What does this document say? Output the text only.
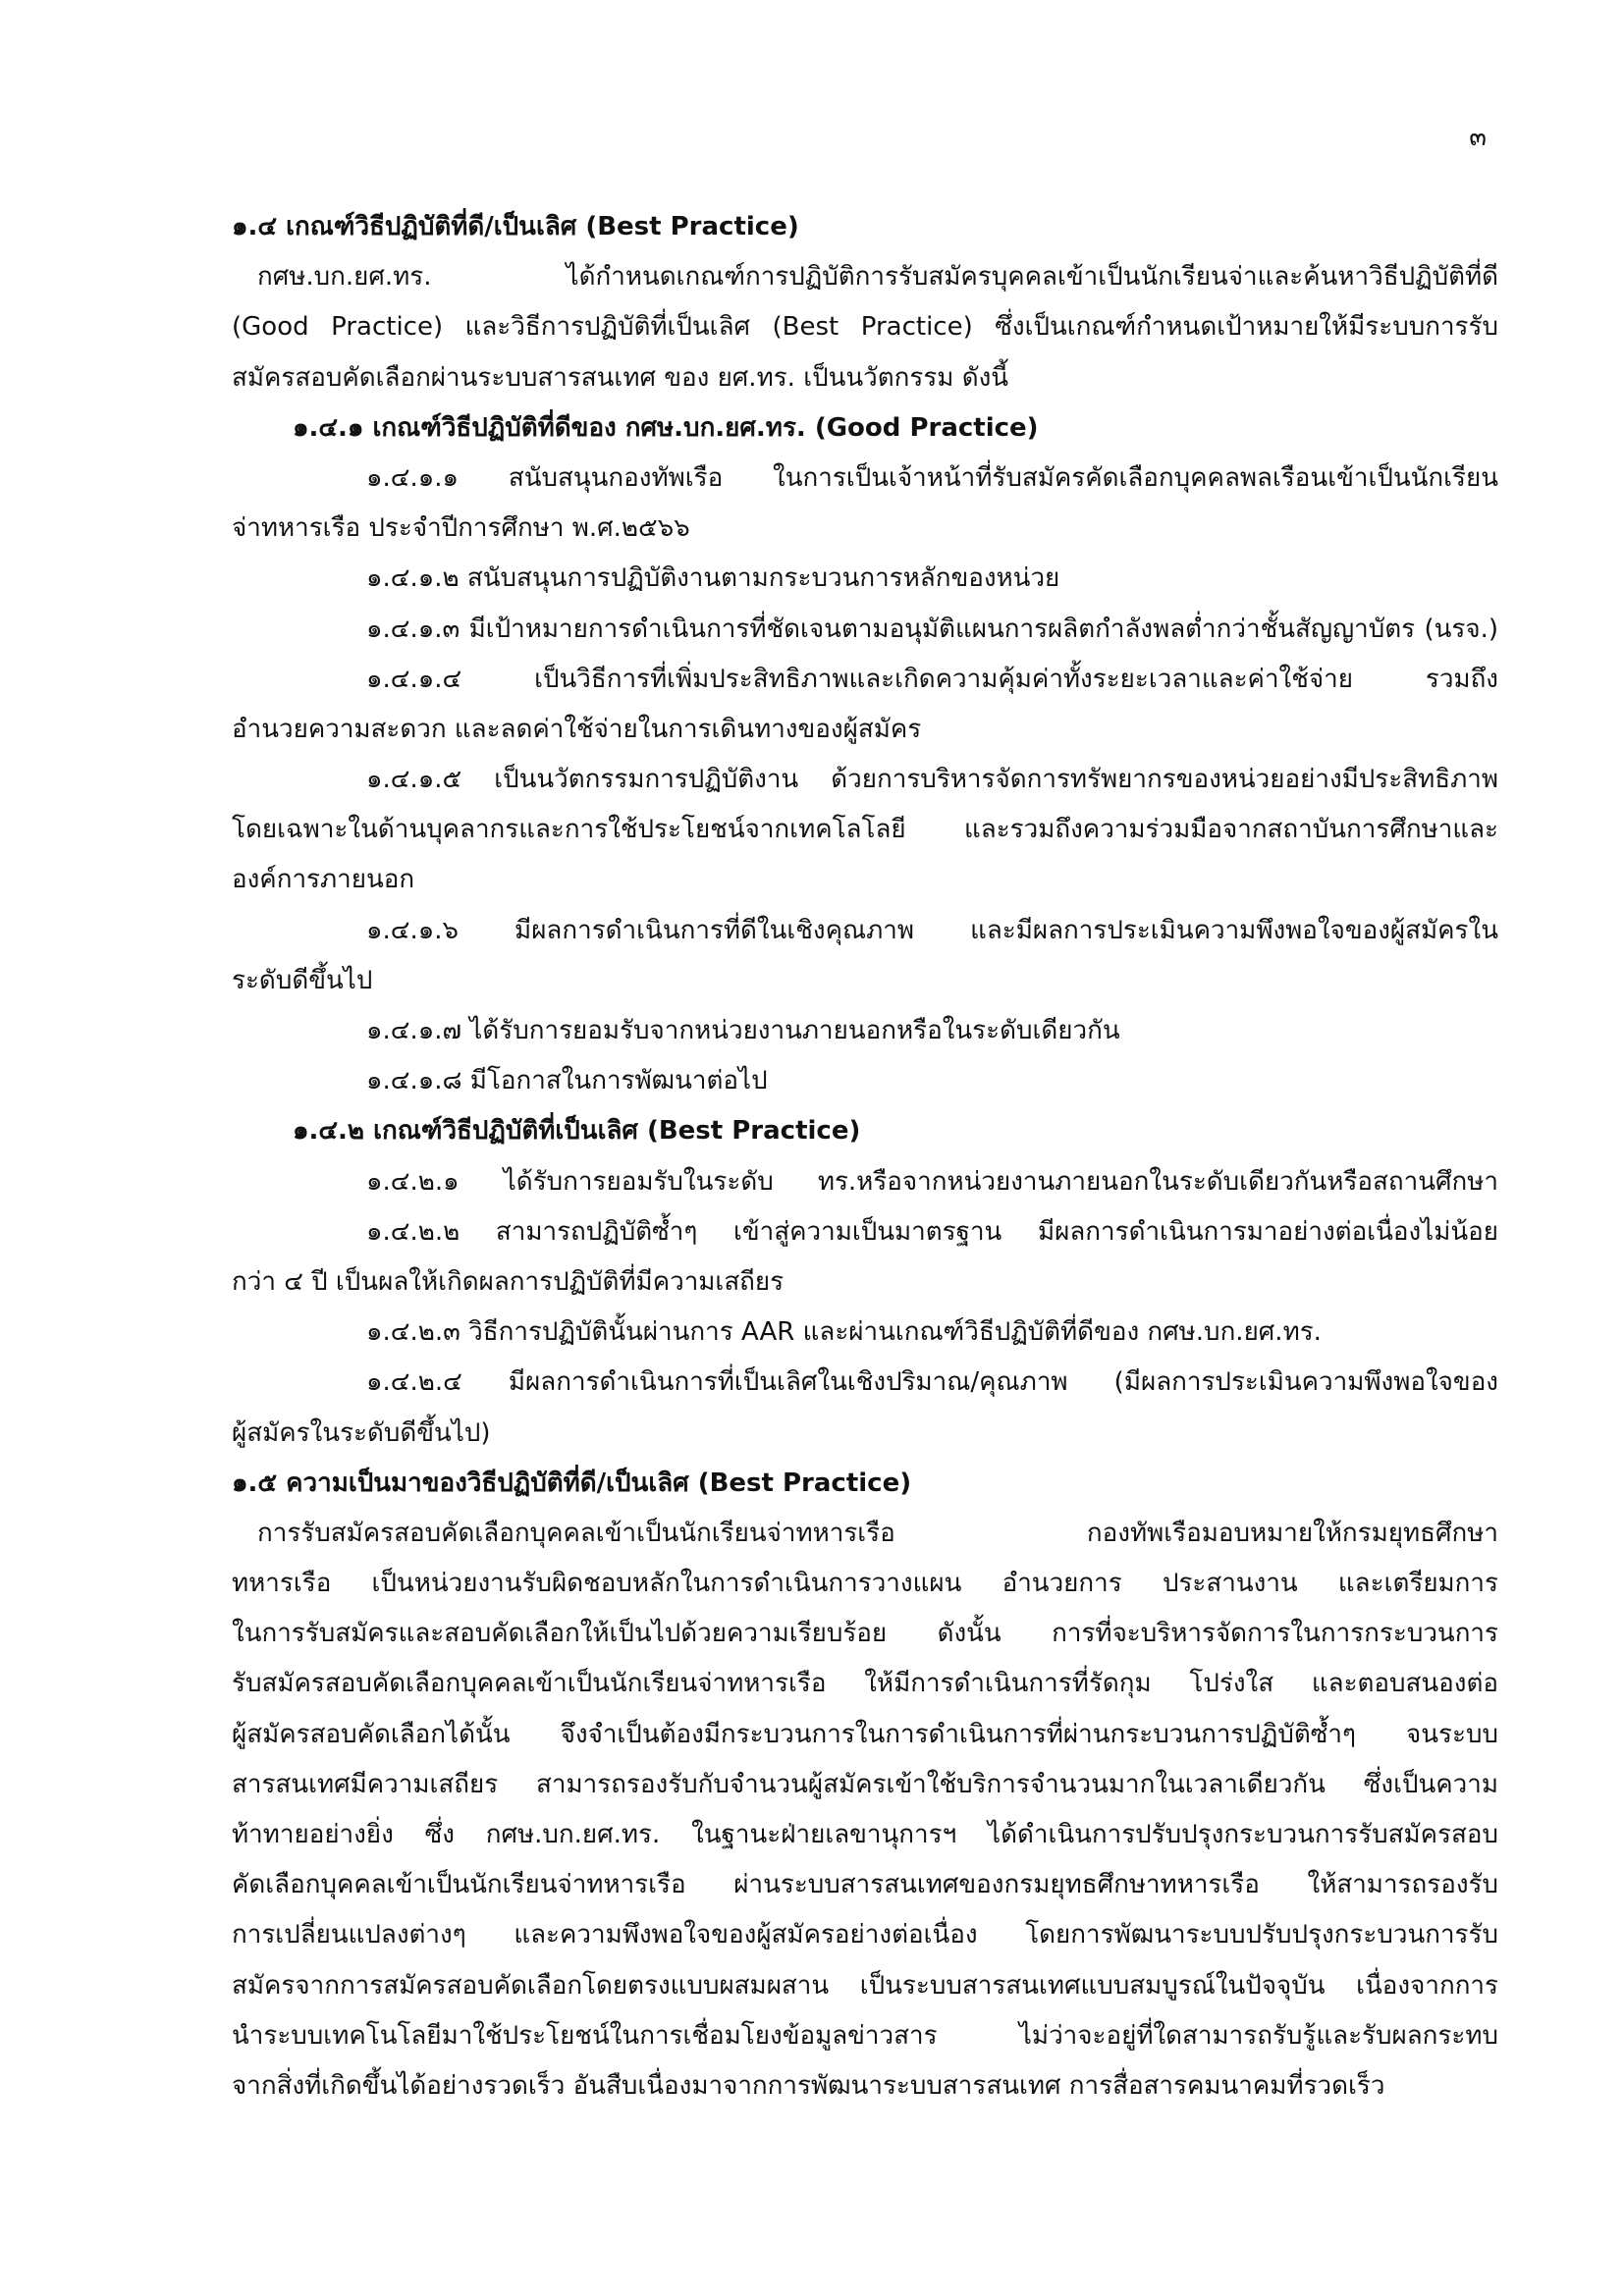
๓
๑.๔ เกณฑ์วิธีปฏิบัติที่ดี/เป็นเลิศ (Best Practice)
กศษ.บก.ยศ.ทร. ได้กำหนดเกณฑ์การปฏิบัติการรับสมัครบุคคลเข้าเป็นนักเรียนจ่าและค้นหาวิธีปฏิบัติที่ดี
(Good Practice) และวิธีการปฏิบัติที่เป็นเลิศ (Best Practice) ซึ่งเป็นเกณฑ์กำหนดเป้าหมายให้มีระบบการรับ
สมัครสอบคัดเลือกผ่านระบบสารสนเทศ ของ ยศ.ทร. เป็นนวัตกรรม ดังนี้
๑.๔.๑ เกณฑ์วิธีปฏิบัติที่ดีของ กศษ.บก.ยศ.ทร. (Good Practice)
๑.๔.๑.๑ สนับสนุนกองทัพเรือ ในการเป็นเจ้าหน้าที่รับสมัครคัดเลือกบุคคลพลเรือนเข้าเป็นนักเรียน
จ่าทหารเรือ ประจำปีการศึกษา พ.ศ.๒๕๖๖
๑.๔.๑.๒ สนับสนุนการปฏิบัติงานตามกระบวนการหลักของหน่วย
๑.๔.๑.๓ มีเป้าหมายการดำเนินการที่ชัดเจนตามอนุมัติแผนการผลิตกำลังพลต่ำกว่าชั้นสัญญาบัตร (นรจ.)
๑.๔.๑.๔ เป็นวิธีการที่เพิ่มประสิทธิภาพและเกิดความคุ้มค่าทั้งระยะเวลาและค่าใช้จ่าย รวมถึง
อำนวยความสะดวก และลดค่าใช้จ่ายในการเดินทางของผู้สมัคร
๑.๔.๑.๕ เป็นนวัตกรรมการปฏิบัติงาน ด้วยการบริหารจัดการทรัพยากรของหน่วยอย่างมีประสิทธิภาพ
โดยเฉพาะในด้านบุคลากรและการใช้ประโยชน์จากเทคโลโลยี และรวมถึงความร่วมมือจากสถาบันการศึกษาและ
องค์การภายนอก
๑.๔.๑.๖ มีผลการดำเนินการที่ดีในเชิงคุณภาพ และมีผลการประเมินความพึงพอใจของผู้สมัครใน
ระดับดีขึ้นไป
๑.๔.๑.๗ ได้รับการยอมรับจากหน่วยงานภายนอกหรือในระดับเดียวกัน
๑.๔.๑.๘ มีโอกาสในการพัฒนาต่อไป
๑.๔.๒ เกณฑ์วิธีปฏิบัติที่เป็นเลิศ (Best Practice)
๑.๔.๒.๑ ได้รับการยอมรับในระดับ ทร.หรือจากหน่วยงานภายนอกในระดับเดียวกันหรือสถานศึกษา
๑.๔.๒.๒ สามารถปฏิบัติซ้ำๆ เข้าสู่ความเป็นมาตรฐาน มีผลการดำเนินการมาอย่างต่อเนื่องไม่น้อย
กว่า ๔ ปี เป็นผลให้เกิดผลการปฏิบัติที่มีความเสถียร
๑.๔.๒.๓ วิธีการปฏิบัตินั้นผ่านการ AAR และผ่านเกณฑ์วิธีปฏิบัติที่ดีของ กศษ.บก.ยศ.ทร.
๑.๔.๒.๔ มีผลการดำเนินการที่เป็นเลิศในเชิงปริมาณ/คุณภาพ (มีผลการประเมินความพึงพอใจของ
ผู้สมัครในระดับดีขึ้นไป)
๑.๕ ความเป็นมาของวิธีปฏิบัติที่ดี/เป็นเลิศ (Best Practice)
การรับสมัครสอบคัดเลือกบุคคลเข้าเป็นนักเรียนจ่าทหารเรือ กองทัพเรือมอบหมายให้กรมยุทธศึกษา
ทหารเรือ เป็นหน่วยงานรับผิดชอบหลักในการดำเนินการวางแผน อำนวยการ ประสานงาน และเตรียมการ
ในการรับสมัครและสอบคัดเลือกให้เป็นไปด้วยความเรียบร้อย ดังนั้น การที่จะบริหารจัดการในการกระบวนการ
รับสมัครสอบคัดเลือกบุคคลเข้าเป็นนักเรียนจ่าทหารเรือ ให้มีการดำเนินการที่รัดกุม โปร่งใส และตอบสนองต่อ
ผู้สมัครสอบคัดเลือกได้นั้น จึงจำเป็นต้องมีกระบวนการในการดำเนินการที่ผ่านกระบวนการปฏิบัติซ้ำๆ จนระบบ
สารสนเทศมีความเสถียร สามารถรองรับกับจำนวนผู้สมัครเข้าใช้บริการจำนวนมากในเวลาเดียวกัน ซึ่งเป็นความ
ท้าทายอย่างยิ่ง ซึ่ง กศษ.บก.ยศ.ทร. ในฐานะฝ่ายเลขานุการฯ ได้ดำเนินการปรับปรุงกระบวนการรับสมัครสอบ
คัดเลือกบุคคลเข้าเป็นนักเรียนจ่าทหารเรือ ผ่านระบบสารสนเทศของกรมยุทธศึกษาทหารเรือ ให้สามารถรองรับ
การเปลี่ยนแปลงต่างๆ และความพึงพอใจของผู้สมัครอย่างต่อเนื่อง โดยการพัฒนาระบบปรับปรุงกระบวนการรับ
สมัครจากการสมัครสอบคัดเลือกโดยตรงแบบผสมผสาน เป็นระบบสารสนเทศแบบสมบูรณ์ในปัจจุบัน เนื่องจากการ
นำระบบเทคโนโลยีมาใช้ประโยชน์ในการเชื่อมโยงข้อมูลข่าวสาร ไม่ว่าจะอยู่ที่ใดสามารถรับรู้และรับผลกระทบ
จากสิ่งที่เกิดขึ้นได้อย่างรวดเร็ว อันสืบเนื่องมาจากการพัฒนาระบบสารสนเทศ การสื่อสารคมนาคมที่รวดเร็ว
